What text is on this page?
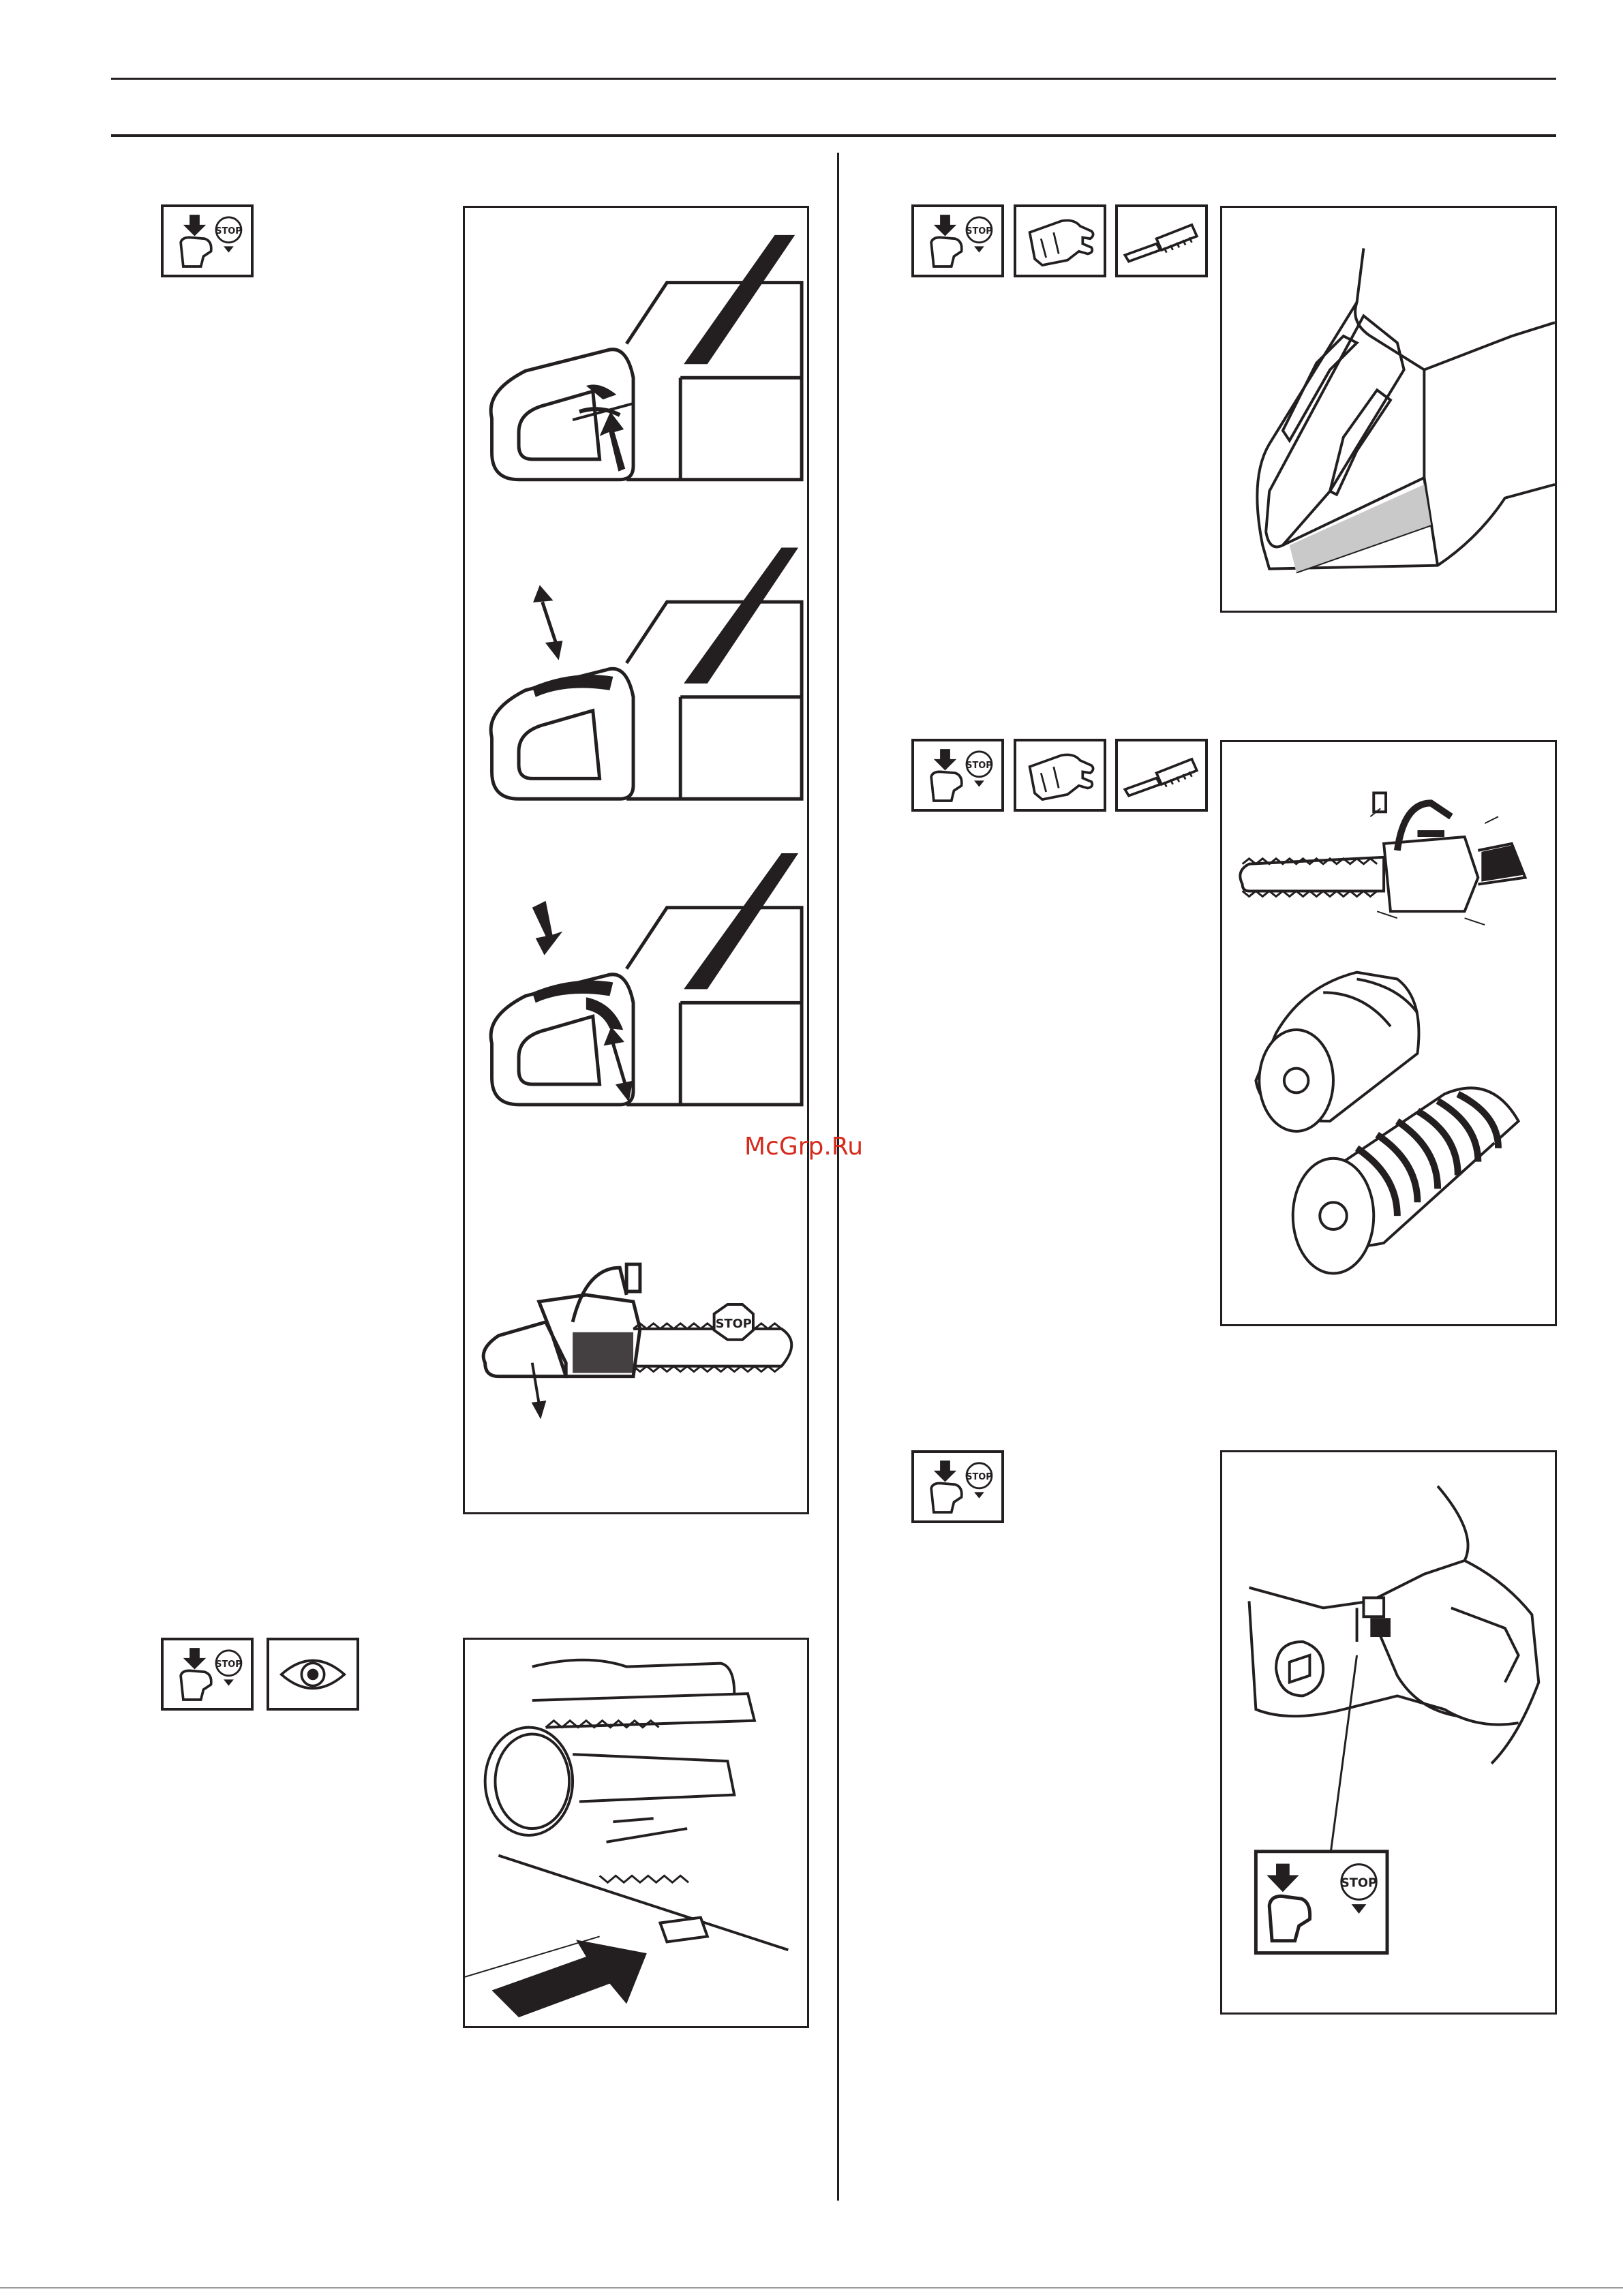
STOP
STOP
STOP
STOP
STOP
STOP
STOP
McGrp.Ru
